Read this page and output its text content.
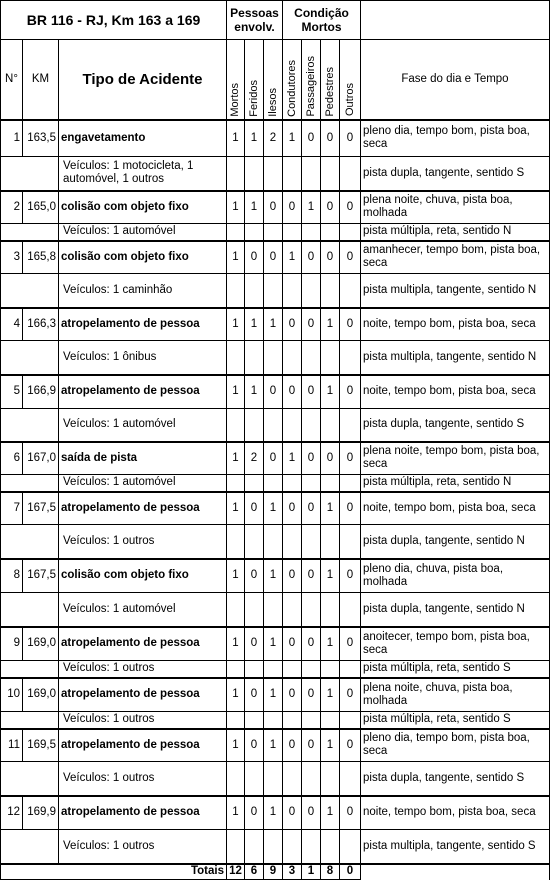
BR 116 - RJ, Km 163 a 169			Pessoas envolv.			Condição Mortos				
N°	KM	Tipo de Acidente	Mortos	Feridos	Ilesos	Condutores	Passageiros	Pedestres	Outros	Fase do dia e Tempo
1	163,5	engavetamento	1	1	2	1	0	0	0	pleno dia, tempo bom, pista boa, seca
		Veículos: 1 motocicleta, 1 automóvel, 1 outros								pista dupla, tangente, sentido S
2	165,0	colisão com objeto fixo	1	1	0	0	1	0	0	plena noite, chuva, pista boa, molhada
		Veículos: 1 automóvel								pista múltipla, reta, sentido N
3	165,8	colisão com objeto fixo	1	0	0	1	0	0	0	amanhecer, tempo bom, pista boa, seca
		Veículos: 1 caminhão								pista multipla, tangente, sentido N
4	166,3	atropelamento de pessoa	1	1	1	0	0	1	0	noite, tempo bom, pista boa, seca
		Veículos: 1 ônibus								pista multipla, tangente, sentido N
5	166,9	atropelamento de pessoa	1	1	0	0	0	1	0	noite, tempo bom, pista boa, seca
		Veículos: 1 automóvel								pista dupla, tangente, sentido S
6	167,0	saída de pista	1	2	0	1	0	0	0	plena noite, tempo bom, pista boa, seca
		Veículos: 1 automóvel								pista múltipla, reta, sentido N
7	167,5	atropelamento de pessoa	1	0	1	0	0	1	0	noite, tempo bom, pista boa, seca
		Veículos: 1 outros								pista dupla, tangente, sentido N
8	167,5	colisão com objeto fixo	1	0	1	0	0	1	0	pleno dia, chuva, pista boa, molhada
		Veículos: 1 automóvel								pista dupla, tangente, sentido N
9	169,0	atropelamento de pessoa	1	0	1	0	0	1	0	anoitecer, tempo bom, pista boa, seca
		Veículos: 1 outros								pista múltipla, reta, sentido S
10	169,0	atropelamento de pessoa	1	0	1	0	0	1	0	plena noite, chuva, pista boa, molhada
		Veículos: 1 outros								pista múltipla, reta, sentido S
11	169,5	atropelamento de pessoa	1	0	1	0	0	1	0	pleno dia, tempo bom, pista boa, seca
		Veículos: 1 outros								pista dupla, tangente, sentido S
12	169,9	atropelamento de pessoa	1	0	1	0	0	1	0	noite, tempo bom, pista boa, seca
		Veículos: 1 outros								pista multipla, tangente, sentido S
Totais			12	6	9	3	1	8	0	
